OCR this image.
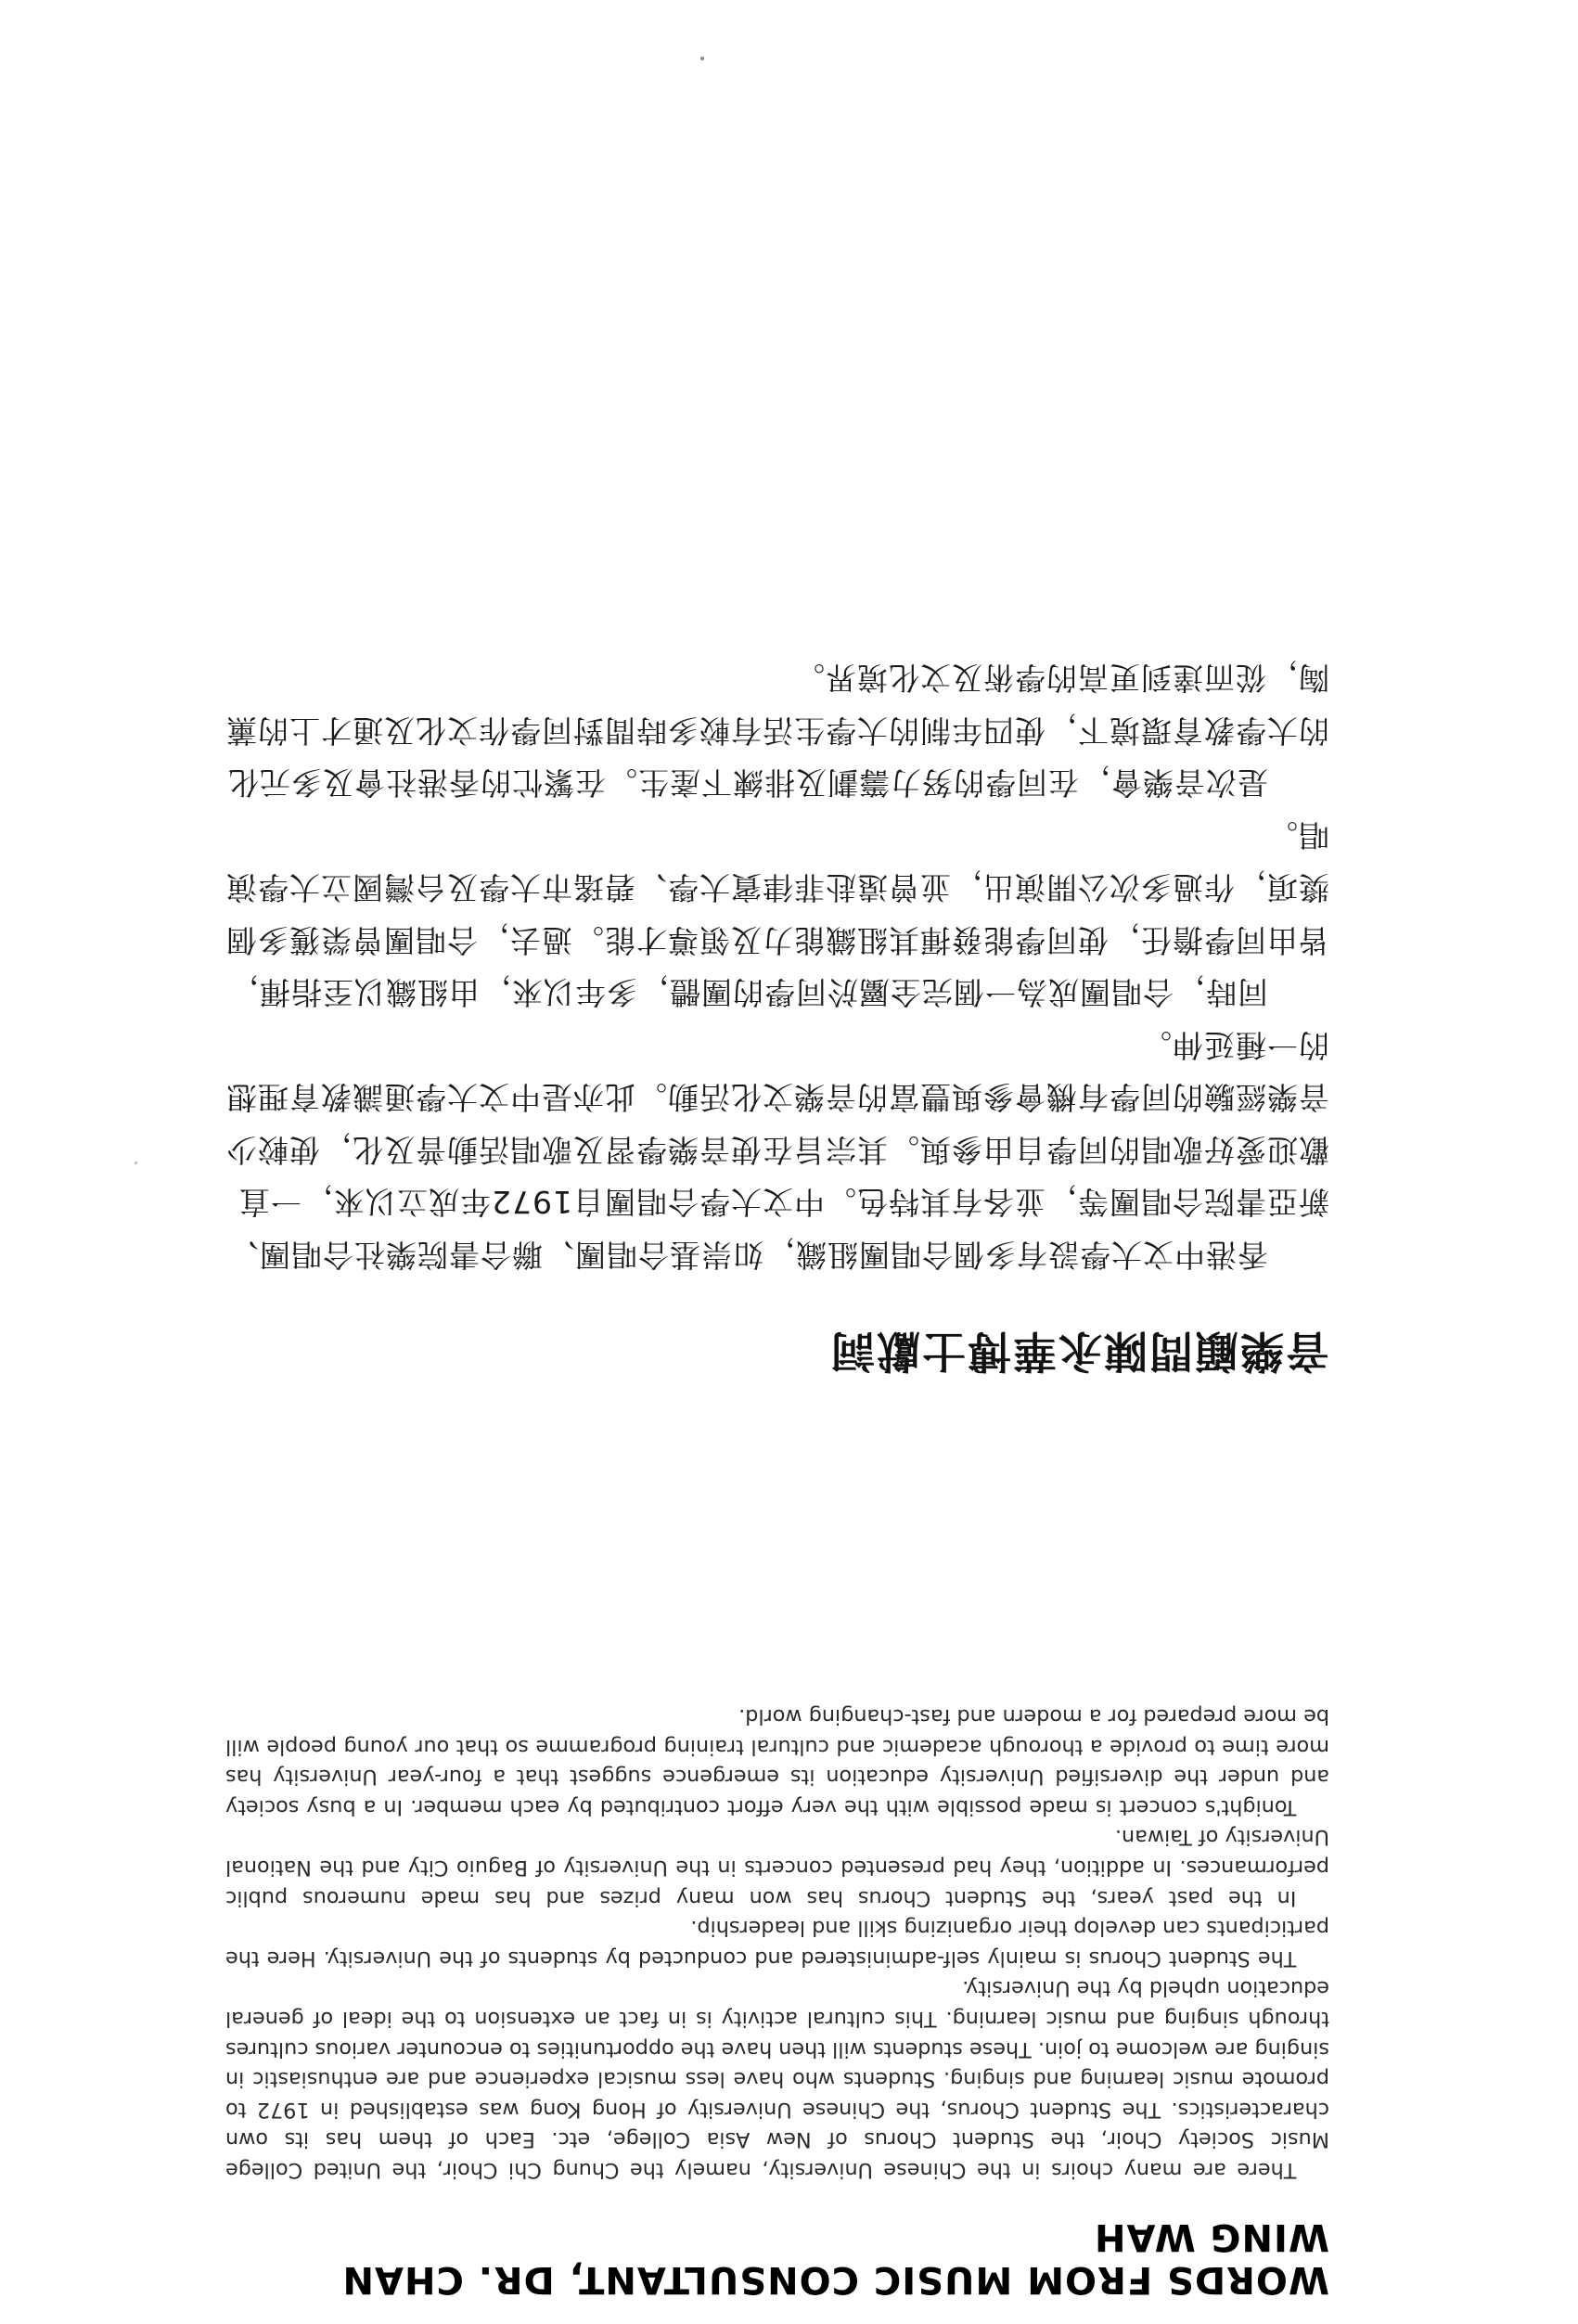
WORDS FROM MUSIC CONSULTANT, DR. CHAN WING WAH

There are many choirs in the Chinese University, namely the Chung Chi Choir, the United College Music Society Choir, the Student Chorus of New Asia College, etc. Each of them has its own characteristics. The Student Chorus, the Chinese University of Hong Kong was established in 1972 to promote music learning and singing. Students who have less musical experience and are enthusiastic in singing are welcome to join. These students will then have the opportunities to encounter various cultures through singing and music learning. This cultural activity is in fact an extension to the ideal of general education upheld by the University.

The Student Chorus is mainly self-administered and conducted by students of the University. Here the participants can develop their organizing skill and leadership.

In the past years, the Student Chorus has won many prizes and has made numerous public performances. In addition, they had presented concerts in the University of Baguio City and the National University of Taiwan.

Tonight's concert is made possible with the very effort contributed by each member. In a busy society and under the diversified University education its emergence suggest that a four-year University has more time to provide a thorough academic and cultural training programme so that our young people will be more prepared for a modern and fast-changing world.

音樂顧問陳永華博士獻詞

香港中文大學設有多個合唱團組織，如崇基合唱團、聯合書院樂社合唱團、新亞書院合唱團等，並各有其特色。中文大學合唱團自1972年成立以來，一直歡迎愛好歌唱的同學自由參與。其宗旨在使音樂學習及歌唱活動普及化，使較少音樂經驗的同學有機會參與豐富的音樂文化活動。此亦是中文大學通識教育理想的一種延伸。

同時，合唱團成為一個完全屬於同學的團體，多年以來，由組織以至指揮，皆由同學擔任，使同學能發揮其組織能力及領導才能。過去，合唱團曾榮獲多個獎項，作過多次公開演出，並曾遠赴菲律賓大學、碧瑤市大學及台灣國立大學演唱。

是次音樂會，在同學的努力籌劃及排練下產生。在繁忙的香港社會及多元化的大學教育環境下，使四年制的大學生活有較多時間對同學作文化及通才上的薰陶，從而達到更高的學術及文化境界。
